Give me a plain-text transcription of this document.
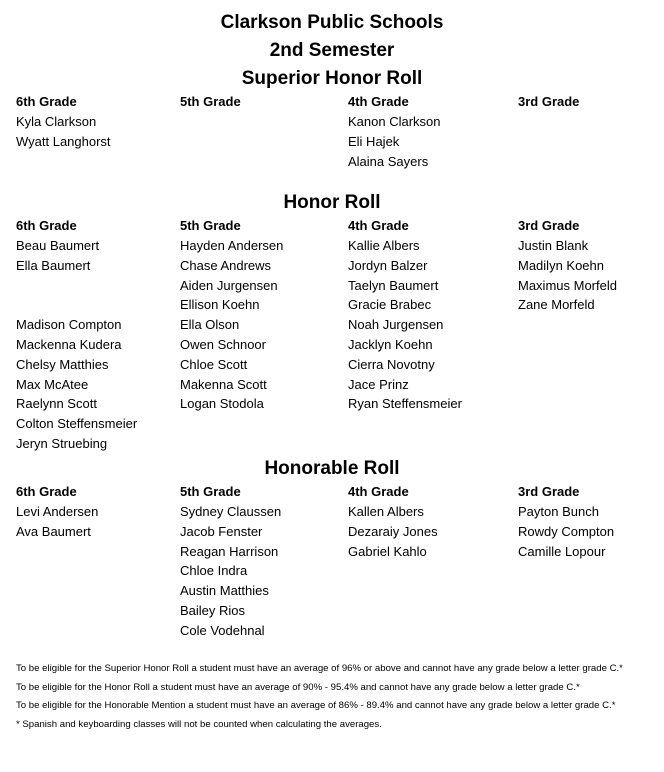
Clarkson Public Schools
2nd Semester
Superior Honor Roll
6th Grade
Kyla Clarkson
Wyatt Langhorst
5th Grade	4th Grade
Kanon Clarkson
Eli Hajek
Alaina Sayers
3rd Grade
Honor Roll
6th Grade
Beau Baumert
Ella Baumert

Madison Compton
Mackenna Kudera
Chelsy Matthies
Max McAtee
Raelynn Scott
Colton Steffensmeier
Jeryn Struebing
5th Grade
Hayden Andersen
Chase Andrews
Aiden Jurgensen
Ellison Koehn
Ella Olson
Owen Schnoor
Chloe Scott
Makenna Scott
Logan Stodola
4th Grade
Kallie Albers
Jordyn Balzer
Taelyn Baumert
Gracie Brabec
Noah Jurgensen
Jacklyn Koehn
Cierra Novotny
Jace Prinz
Ryan Steffensmeier
3rd Grade
Justin Blank
Madilyn Koehn
Maximus Morfeld
Zane Morfeld
Honorable Roll
6th Grade
Levi Andersen
Ava Baumert
5th Grade
Sydney Claussen
Jacob Fenster
Reagan Harrison
Chloe Indra
Austin Matthies
Bailey Rios
Cole Vodehnal
4th Grade
Kallen Albers
Dezaraiy Jones
Gabriel Kahlo
3rd Grade
Payton Bunch
Rowdy Compton
Camille Lopour
To be eligible for the Superior Honor Roll a student must have an average of 96% or above and cannot have any grade below a letter grade C.*
To be eligible for the Honor Roll a student must have an average of 90% - 95.4% and cannot have any grade below a letter grade C.*
To be eligible for the Honorable Mention a student must have an average of 86% - 89.4% and cannot have any grade below a letter grade C.*
* Spanish and keyboarding classes will not be counted when calculating the averages.
